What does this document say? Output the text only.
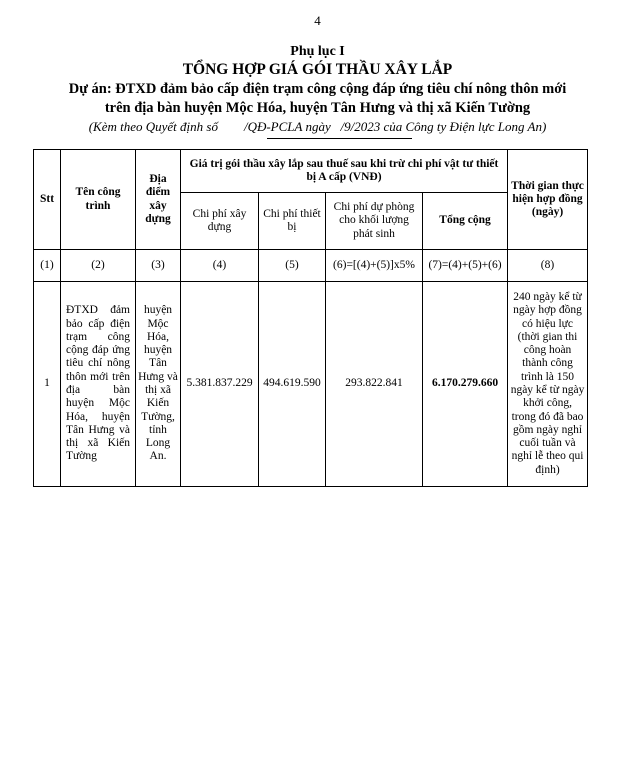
4
Phụ lục I
TỔNG HỢP GIÁ GÓI THẦU XÂY LẮP
Dự án: ĐTXD đảm bảo cấp điện trạm công cộng đáp ứng tiêu chí nông thôn mới trên địa bàn huyện Mộc Hóa, huyện Tân Hưng và thị xã Kiến Tường
(Kèm theo Quyết định số        /QĐ-PCLA ngày   /9/2023 của Công ty Điện lực Long An)
Stt	Tên công trình	Địa điểm xây dựng	Giá trị gói thầu xây lắp sau thuế sau khi trừ chi phí vật tư thiết bị A cấp (VNĐ)				Thời gian thực hiện hợp đồng (ngày)
			Chi phí xây dựng	Chi phí thiết bị	Chi phí dự phòng cho khối lượng phát sinh	Tổng cộng	
(1)	(2)	(3)	(4)	(5)	(6)=[(4)+(5)]x5%	(7)=(4)+(5)+(6)	(8)
1	ĐTXD đảm bảo cấp điện trạm công cộng đáp ứng tiêu chí nông thôn mới trên địa bàn huyện Mộc Hóa, huyện Tân Hưng và thị xã Kiến Tường	huyện Mộc Hóa, huyện Tân Hưng và thị xã Kiến Tường, tỉnh Long An.	5.381.837.229	494.619.590	293.822.841	6.170.279.660	240 ngày kể từ ngày hợp đồng có hiệu lực (thời gian thi công hoàn thành công trình là 150 ngày kể từ ngày khởi công, trong đó đã bao gồm ngày nghỉ cuối tuần và nghỉ lễ theo qui định)
